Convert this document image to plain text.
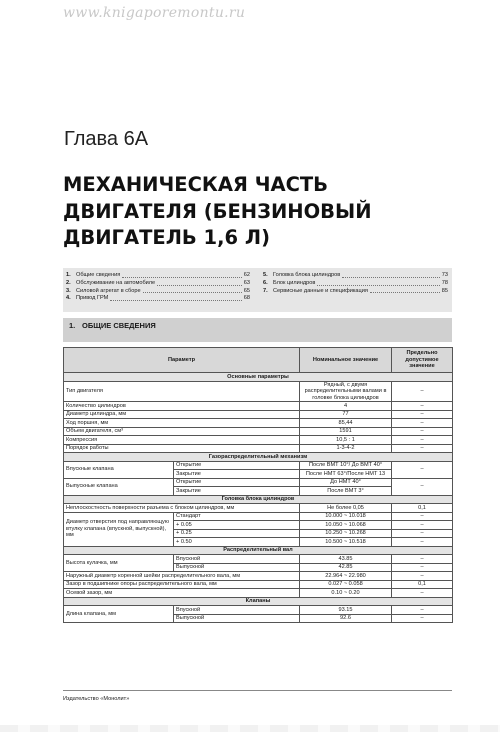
www.knigaporemontu.ru
Глава 6А
МЕХАНИЧЕСКАЯ ЧАСТЬ
ДВИГАТЕЛЯ (БЕНЗИНОВЫЙ
ДВИГАТЕЛЬ 1,6 Л)
1. Общие сведения	62
2. Обслуживание на автомобиле	63
3. Силовой агрегат в сборе	65
4. Привод ГРМ	68
5. Головка блока цилиндров	73
6. Блок цилиндров	78
7. Сервисные данные и спецификация	85
1. ОБЩИЕ СВЕДЕНИЯ
Параметр		Номинальное значение	Предельно допустимое значение
Основные параметры			
Тип двигателя		Рядный, с двумя распределительными валами в головке блока цилиндров	–
Количество цилиндров		4	–
Диаметр цилиндра, мм		77	–
Ход поршня, мм		85,44	–
Объем двигателя, см³		1591	–
Компрессия		10,5 : 1	–
Порядок работы		1-3-4-2	–
Газораспределительный механизм			
Впускные клапана	Открытие	После ВМТ 10°/ До ВМТ 40°	–
	Закрытие	После НМТ 63°/После НМТ 13	
Выпускные клапана	Открытие	До НМТ 40°	–
	Закрытие	После ВМТ 3°	
Головка блока цилиндров			
Неплоскостность поверхности разъема с блоком цилиндров, мм		Не более 0,05	0,1
Диаметр отверстия под направляющую втулку клапана (впускной, выпускной), мм	Стандарт	10.000 ~ 10.018	–
	+ 0.05	10.050 ~ 10.068	–
	+ 0.25	10.250 ~ 10.268	–
	+ 0.50	10.500 ~ 10.518	–
Распределительный вал			
Высота кулачка, мм	Впускной	43.85	–
	Выпускной	42.85	–
Наружный диаметр коренной шейки распределительного вала, мм		22.964 ~ 22.980	–
Зазор в подшипнике опоры распределительного вала, мм		0.027 ~ 0.058	0,1
Осевой зазор, мм		0.10 ~ 0.20	–
Клапаны			
Длина клапана, мм	Впускной	93.15	–
	Выпускной	92.6	–
Издательство «Монолит»
